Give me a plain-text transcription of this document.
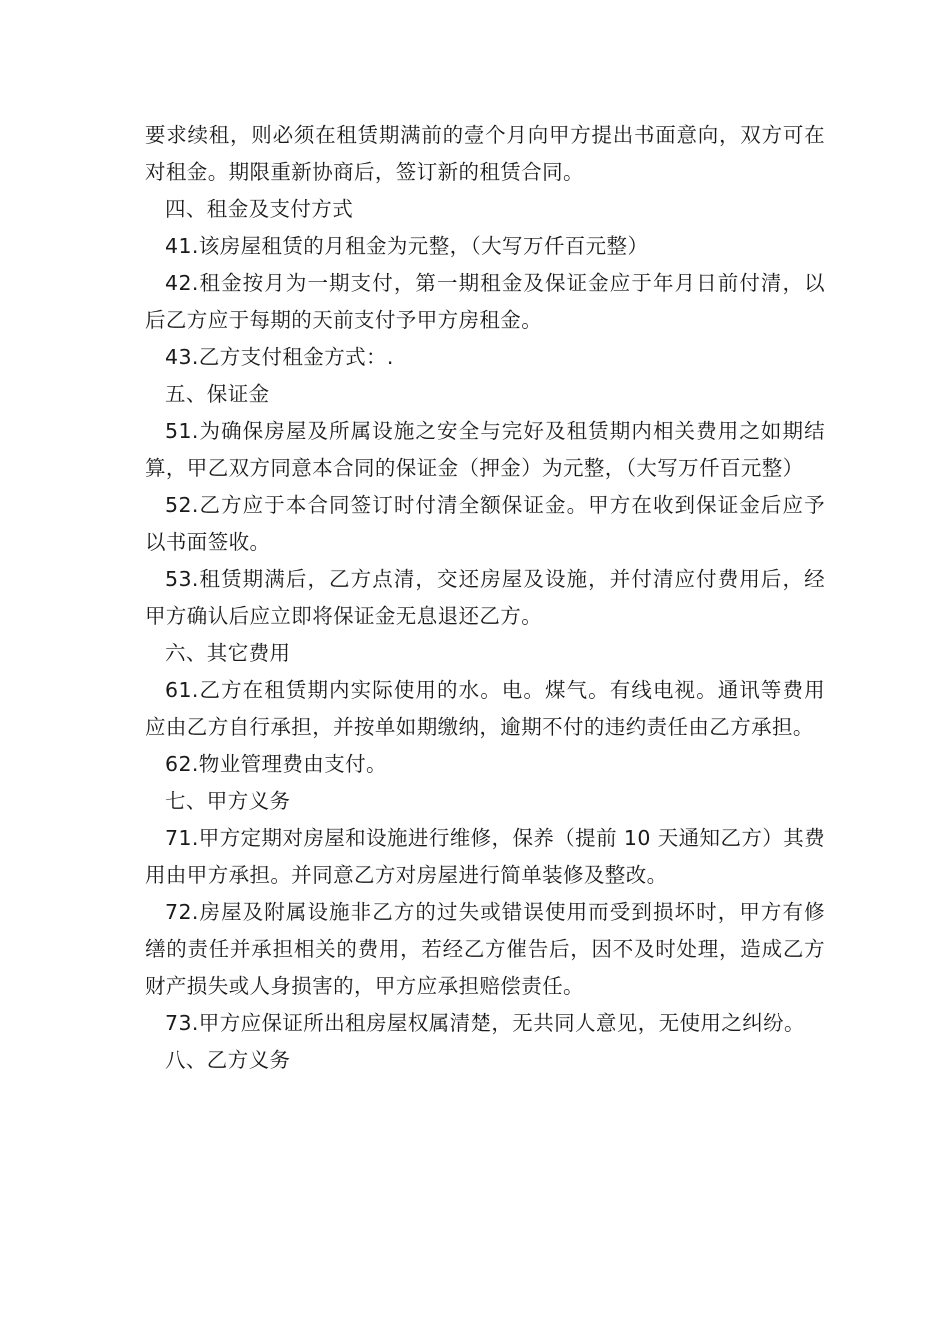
要求续租，则必须在租赁期满前的壹个月向甲方提出书面意向，双方可在对租金。期限重新协商后，签订新的租赁合同。

四、租金及支付方式

41.该房屋租赁的月租金为元整，（大写万仟百元整）

42.租金按月为一期支付，第一期租金及保证金应于年月日前付清，以后乙方应于每期的天前支付予甲方房租金。

43.乙方支付租金方式：.

五、保证金

51.为确保房屋及所属设施之安全与完好及租赁期内相关费用之如期结算，甲乙双方同意本合同的保证金（押金）为元整，（大写万仟百元整）

52.乙方应于本合同签订时付清全额保证金。甲方在收到保证金后应予以书面签收。

53.租赁期满后，乙方点清，交还房屋及设施，并付清应付费用后，经甲方确认后应立即将保证金无息退还乙方。

六、其它费用

61.乙方在租赁期内实际使用的水。电。煤气。有线电视。通讯等费用应由乙方自行承担，并按单如期缴纳，逾期不付的违约责任由乙方承担。

62.物业管理费由支付。

七、甲方义务

71.甲方定期对房屋和设施进行维修，保养（提前 10 天通知乙方）其费用由甲方承担。并同意乙方对房屋进行简单装修及整改。

72.房屋及附属设施非乙方的过失或错误使用而受到损坏时，甲方有修缮的责任并承担相关的费用，若经乙方催告后，因不及时处理，造成乙方财产损失或人身损害的，甲方应承担赔偿责任。

73.甲方应保证所出租房屋权属清楚，无共同人意见，无使用之纠纷。

八、乙方义务
